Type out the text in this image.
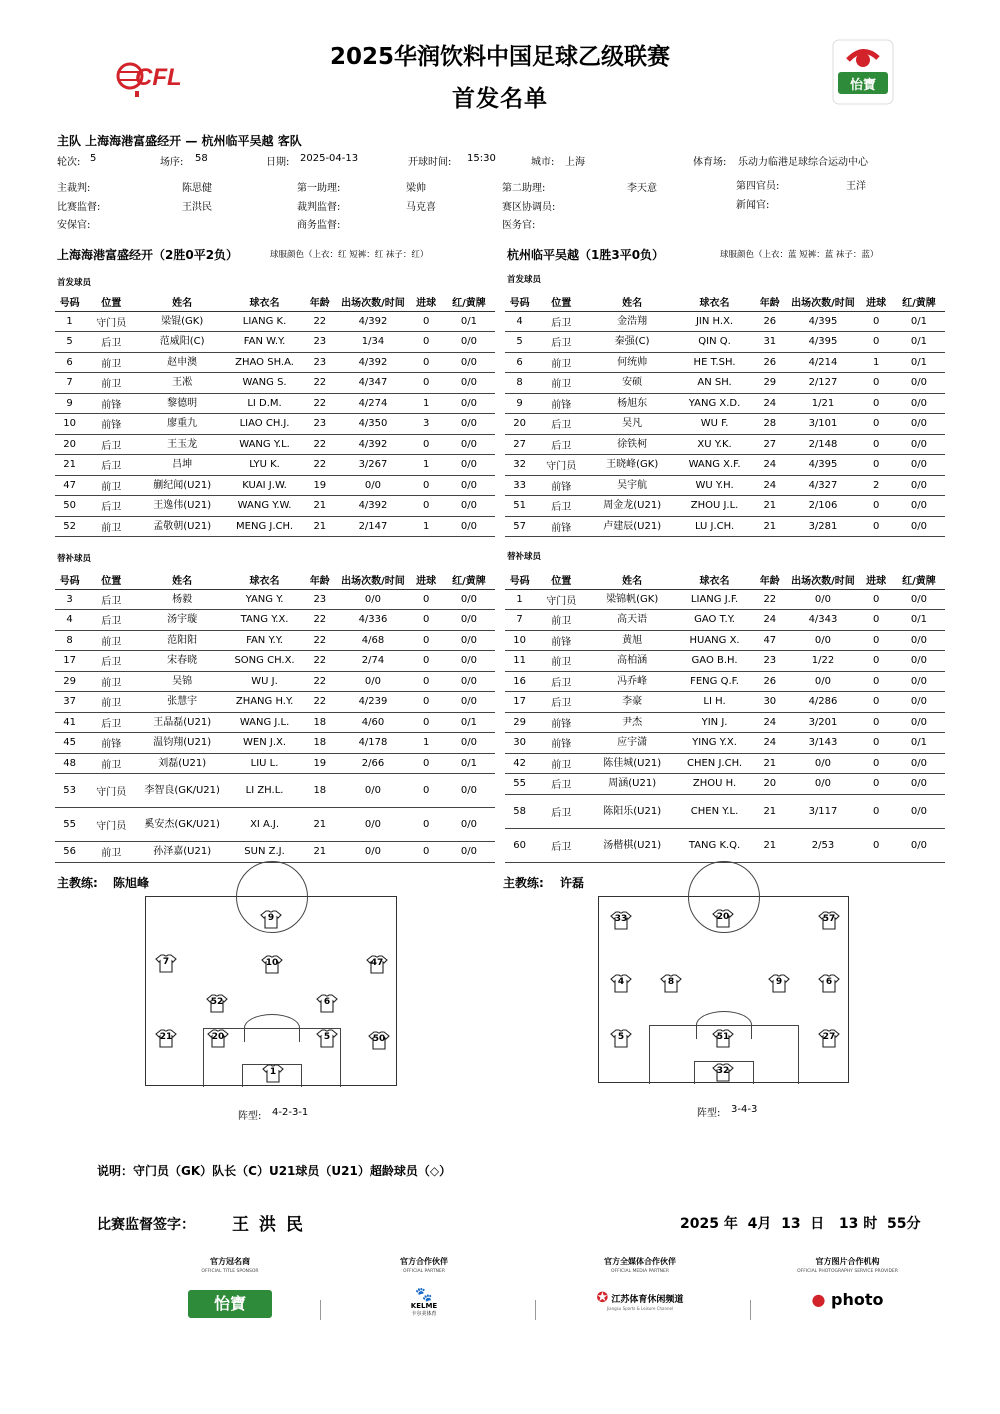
CFL	怡寶
2025华润饮料中国足球乙级联赛
首发名单
主队 上海海港富盛经开 — 杭州临平吴越 客队
轮次: 5	场序: 58	日期: 2025-04-13	开球时间: 15:30	城市: 上海	体育场: 乐动力临港足球综合运动中心
主裁判:	陈思健	第一助理:	梁帅	第二助理:	李天意	第四官员:	王洋
比赛监督:	王洪民	裁判监督:	马克喜	赛区协调员:	新闻官:
安保官:	商务监督:	医务官:
上海海港富盛经开（2胜0平2负）	球服颜色（上衣：红 短裤：红 袜子：红）	杭州临平吴越（1胜3平0负）	球服颜色（上衣：蓝 短裤：蓝 袜子：蓝）
首发球员	首发球员
号码	位置	姓名	球衣名	年龄	出场次数/时间	进球	红/黄牌
1	守门员	梁锟(GK)	LIANG K.	22	4/392	0	0/1
5	后卫	范威阳(C)	FAN W.Y.	23	1/34	0	0/0
6	前卫	赵申澳	ZHAO SH.A.	23	4/392	0	0/0
7	前卫	王凇	WANG S.	22	4/347	0	0/0
9	前锋	黎德明	LI D.M.	22	4/274	1	0/0
10	前锋	廖重九	LIAO CH.J.	23	4/350	3	0/0
20	后卫	王玉龙	WANG Y.L.	22	4/392	0	0/0
21	后卫	吕坤	LYU K.	22	3/267	1	0/0
47	前卫	蒯纪闻(U21)	KUAI J.W.	19	0/0	0	0/0
50	后卫	王逸伟(U21)	WANG Y.W.	21	4/392	0	0/0
52	前卫	孟敬朝(U21)	MENG J.CH.	21	2/147	1	0/0
号码	位置	姓名	球衣名	年龄	出场次数/时间	进球	红/黄牌
4	后卫	金浩翔	JIN H.X.	26	4/395	0	0/1
5	后卫	秦强(C)	QIN Q.	31	4/395	0	0/1
6	前卫	何统帅	HE T.SH.	26	4/214	1	0/1
8	前卫	安硕	AN SH.	29	2/127	0	0/0
9	前锋	杨旭东	YANG X.D.	24	1/21	0	0/0
20	后卫	吴凡	WU F.	28	3/101	0	0/0
27	后卫	徐铁柯	XU Y.K.	27	2/148	0	0/0
32	守门员	王晓峰(GK)	WANG X.F.	24	4/395	0	0/0
33	前锋	吴宇航	WU Y.H.	24	4/327	2	0/0
51	后卫	周金龙(U21)	ZHOU J.L.	21	2/106	0	0/0
57	前锋	卢建辰(U21)	LU J.CH.	21	3/281	0	0/0
替补球员	替补球员
号码	位置	姓名	球衣名	年龄	出场次数/时间	进球	红/黄牌
3	后卫	杨毅	YANG Y.	23	0/0	0	0/0
4	后卫	汤宇璇	TANG Y.X.	22	4/336	0	0/0
8	前卫	范阳阳	FAN Y.Y.	22	4/68	0	0/0
17	后卫	宋春晓	SONG CH.X.	22	2/74	0	0/0
29	前卫	吴锦	WU J.	22	0/0	0	0/0
37	前卫	张慧宇	ZHANG H.Y.	22	4/239	0	0/0
41	后卫	王晶磊(U21)	WANG J.L.	18	4/60	0	0/1
45	前锋	温钧翔(U21)	WEN J.X.	18	4/178	1	0/0
48	前卫	刘磊(U21)	LIU L.	19	2/66	0	0/1
53	守门员	李智良(GK/U21)	LI ZH.L.	18	0/0	0	0/0
55	守门员	奚安杰(GK/U21)	XI A.J.	21	0/0	0	0/0
56	前卫	孙泽嘉(U21)	SUN Z.J.	21	0/0	0	0/0
号码	位置	姓名	球衣名	年龄	出场次数/时间	进球	红/黄牌
1	守门员	梁锦帆(GK)	LIANG J.F.	22	0/0	0	0/0
7	前卫	高天语	GAO T.Y.	24	4/343	0	0/1
10	前锋	黄旭	HUANG X.	47	0/0	0	0/0
11	前卫	高柏涵	GAO B.H.	23	1/22	0	0/0
16	后卫	冯乔峰	FENG Q.F.	26	0/0	0	0/0
17	后卫	李豪	LI H.	30	4/286	0	0/0
29	前锋	尹杰	YIN J.	24	3/201	0	0/0
30	前锋	应宇潇	YING Y.X.	24	3/143	0	0/1
42	前卫	陈佳城(U21)	CHEN J.CH.	21	0/0	0	0/0
55	后卫	周涵(U21)	ZHOU H.	20	0/0	0	0/0
58	后卫	陈阳乐(U21)	CHEN Y.L.	21	3/117	0	0/0
60	后卫	汤楷棋(U21)	TANG K.Q.	21	2/53	0	0/0
主教练: 陈旭峰	主教练: 许磊
9
7	10	47
52	6
21	20	5	50
1
33	20	57
4	8	9	6
5	51	27
32
阵型: 4-2-3-1	阵型: 3-4-3
说明：守门员（GK）队长（C）U21球员（U21）超龄球员（◇）
比赛监督签字： 王洪民	2025 年  4月  13  日   13 时  55分
官方冠名商
OFFICIAL TITLE SPONSOR
怡寶
官方合作伙伴
OFFICIAL PARTNER
🐾
KELME
卡尔美体育
官方全媒体合作伙伴
OFFICIAL MEDIA PARTNER
✪ 江苏体育休闲频道
Jiangsu Sports & Leisure Channel
官方图片合作机构
OFFICIAL PHOTOGRAPHY SERVICE PROVIDER
● photo
